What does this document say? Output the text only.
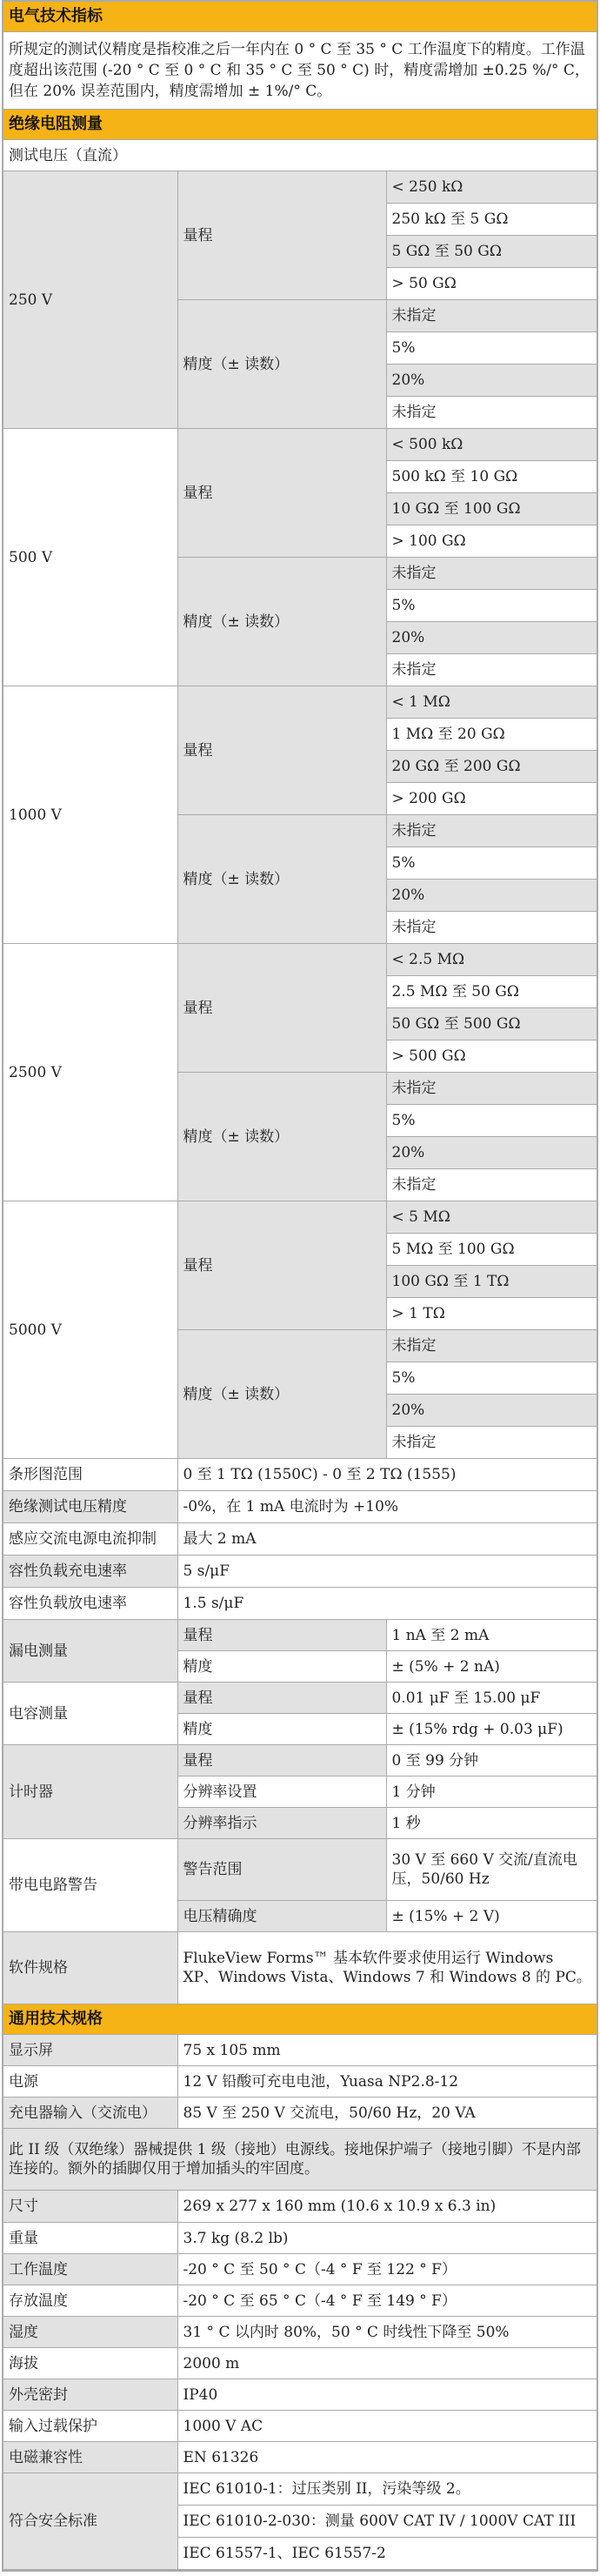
电气技术指标
所规定的测试仪精度是指校准之后一年内在 0 ° C 至 35 ° C 工作温度下的精度。工作温度超出该范围 (-20 ° C 至 0 ° C 和 35 ° C 至 50 ° C) 时，精度需增加 ±0.25 %/° C，但在 20% 误差范围内，精度需增加 ± 1%/° C。
绝缘电阻测量
测试电压（直流）		
250 V	量程	< 250 kΩ
		250 kΩ 至 5 GΩ
		5 GΩ 至 50 GΩ
		> 50 GΩ
	精度（± 读数）	未指定
		5%
		20%
		未指定
500 V	量程	< 500 kΩ
		500 kΩ 至 10 GΩ
		10 GΩ 至 100 GΩ
		> 100 GΩ
	精度（± 读数）	未指定
		5%
		20%
		未指定
1000 V	量程	< 1 MΩ
		1 MΩ 至 20 GΩ
		20 GΩ 至 200 GΩ
		> 200 GΩ
	精度（± 读数）	未指定
		5%
		20%
		未指定
2500 V	量程	< 2.5 MΩ
		2.5 MΩ 至 50 GΩ
		50 GΩ 至 500 GΩ
		> 500 GΩ
	精度（± 读数）	未指定
		5%
		20%
		未指定
5000 V	量程	< 5 MΩ
		5 MΩ 至 100 GΩ
		100 GΩ 至 1 TΩ
		> 1 TΩ
	精度（± 读数）	未指定
		5%
		20%
		未指定
条形图范围	0 至 1 TΩ (1550C) - 0 至 2 TΩ (1555)	
绝缘测试电压精度	-0%，在 1 mA 电流时为 +10%	
感应交流电源电流抑制	最大 2 mA	
容性负载充电速率	5 s/μF	
容性负载放电速率	1.5 s/μF	
漏电测量	量程	1 nA 至 2 mA
	精度	± (5% + 2 nA)
电容测量	量程	0.01 μF 至 15.00 μF
	精度	± (15% rdg + 0.03 μF)
计时器	量程	0 至 99 分钟
	分辨率设置	1 分钟
	分辨率指示	1 秒
带电电路警告	警告范围	30 V 至 660 V 交流/直流电压，50/60 Hz
	电压精确度	± (15% + 2 V)
软件规格	FlukeView Forms™ 基本软件要求使用运行 Windows XP、Windows Vista、Windows 7 和 Windows 8 的 PC。	
通用技术规格
显示屏	75 x 105 mm
电源	12 V 铅酸可充电电池，Yuasa NP2.8-12
充电器输入（交流电）	85 V 至 250 V 交流电，50/60 Hz，20 VA
此 II 级（双绝缘）器械提供 1 级（接地）电源线。接地保护端子（接地引脚）不是内部连接的。额外的插脚仅用于增加插头的牢固度。	
尺寸	269 x 277 x 160 mm (10.6 x 10.9 x 6.3 in)
重量	3.7 kg (8.2 lb)
工作温度	-20 ° C 至 50 ° C（-4 ° F 至 122 ° F）
存放温度	-20 ° C 至 65 ° C（-4 ° F 至 149 ° F）
湿度	31 ° C 以内时 80%，50 ° C 时线性下降至 50%
海拔	2000 m
外壳密封	IP40
输入过载保护	1000 V AC
电磁兼容性	EN 61326
符合安全标准	IEC 61010-1：过压类别 II，污染等级 2。
	IEC 61010-2-030：测量 600V CAT IV / 1000V CAT III
	IEC 61557-1、IEC 61557-2
